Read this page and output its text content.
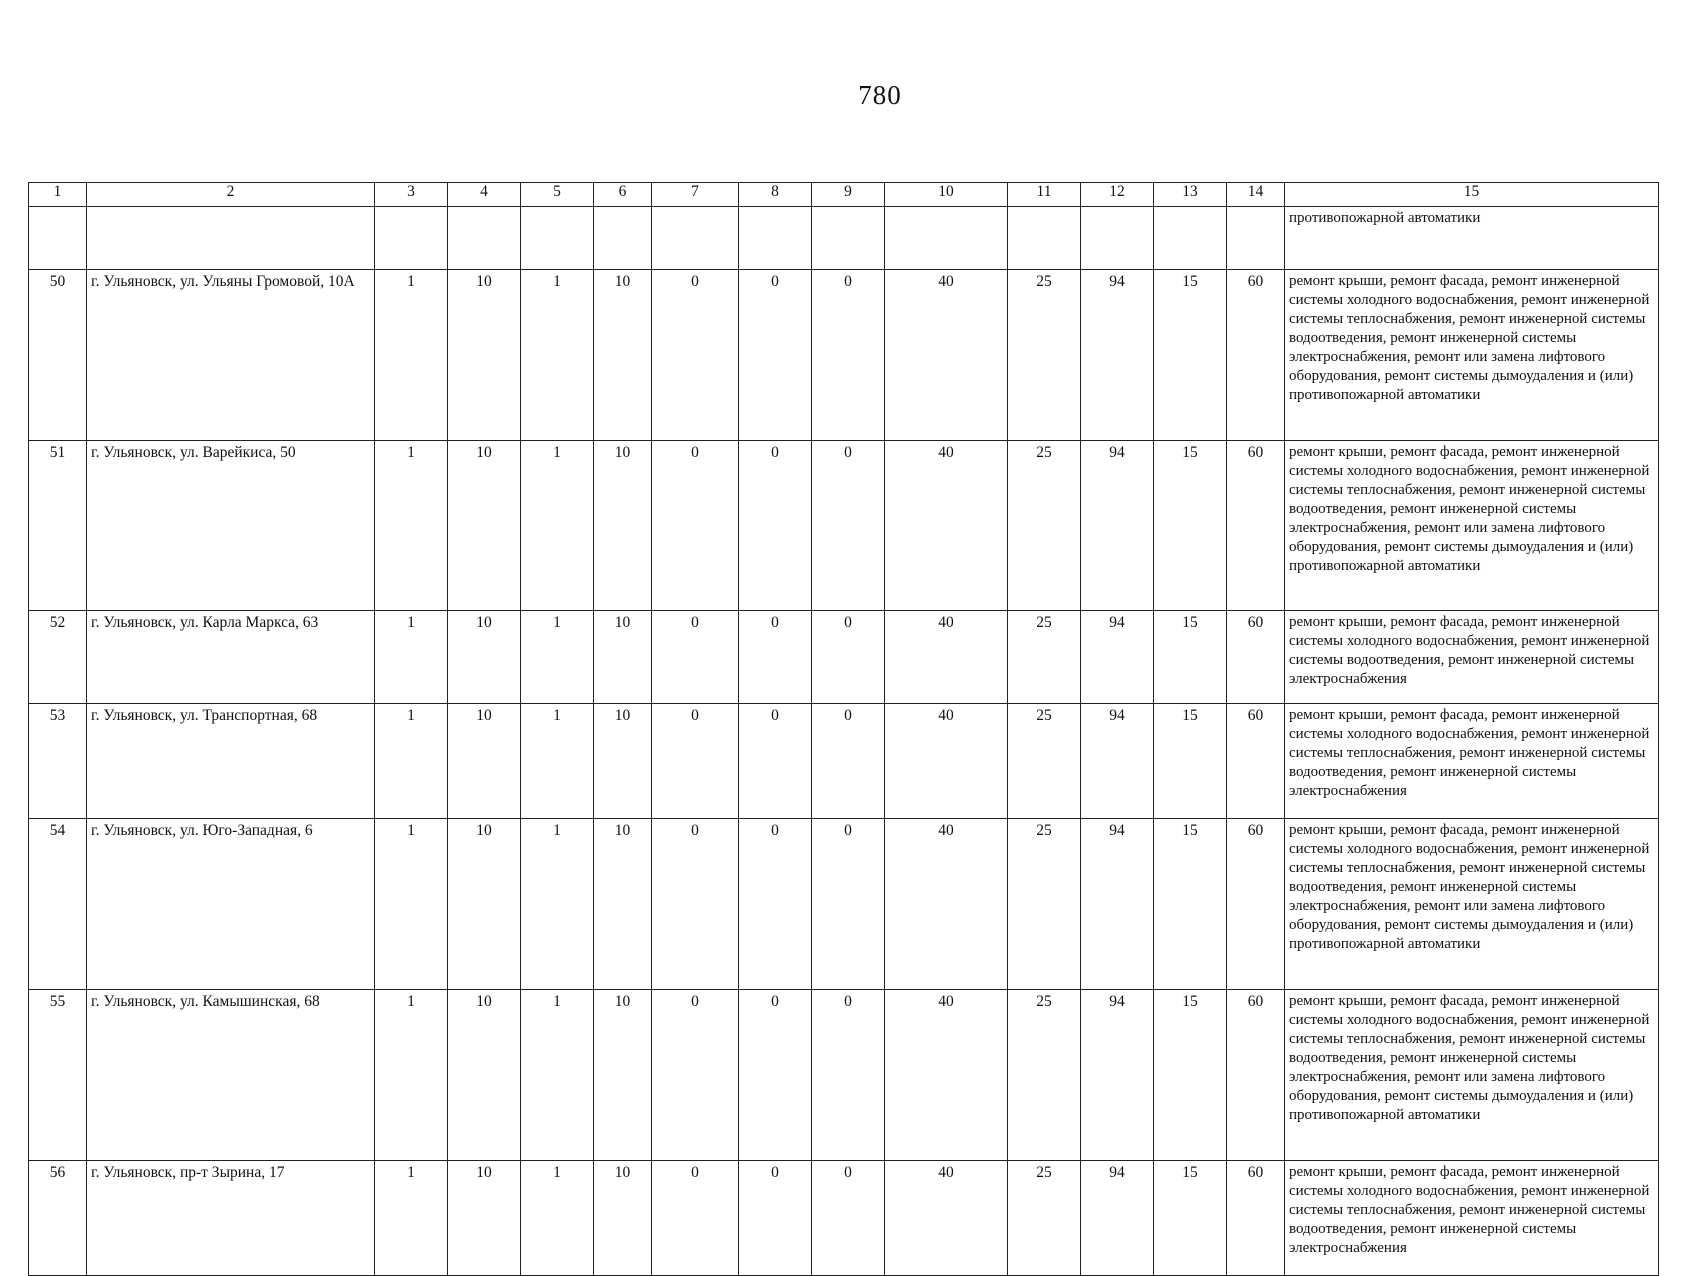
780
1	2	3	4	5	6	7	8	9	10	11	12	13	14	15
														противопожарной автоматики
50	г. Ульяновск, ул. Ульяны Громовой, 10А	1	10	1	10	0	0	0	40	25	94	15	60	ремонт крыши, ремонт фасада, ремонт инженерной системы холодного водоснабжения, ремонт инженерной системы теплоснабжения, ремонт инженерной системы водоотведения, ремонт инженерной системы электроснабжения, ремонт или замена лифтового оборудования, ремонт системы дымоудаления и (или) противопожарной автоматики
51	г. Ульяновск, ул. Варейкиса, 50	1	10	1	10	0	0	0	40	25	94	15	60	ремонт крыши, ремонт фасада, ремонт инженерной системы холодного водоснабжения, ремонт инженерной системы теплоснабжения, ремонт инженерной системы водоотведения, ремонт инженерной системы электроснабжения, ремонт или замена лифтового оборудования, ремонт системы дымоудаления и (или) противопожарной автоматики
52	г. Ульяновск, ул. Карла Маркса, 63	1	10	1	10	0	0	0	40	25	94	15	60	ремонт крыши, ремонт фасада, ремонт инженерной системы холодного водоснабжения, ремонт инженерной системы водоотведения, ремонт инженерной системы электроснабжения
53	г. Ульяновск, ул. Транспортная, 68	1	10	1	10	0	0	0	40	25	94	15	60	ремонт крыши, ремонт фасада, ремонт инженерной системы холодного водоснабжения, ремонт инженерной системы теплоснабжения, ремонт инженерной системы водоотведения, ремонт инженерной системы электроснабжения
54	г. Ульяновск, ул. Юго-Западная, 6	1	10	1	10	0	0	0	40	25	94	15	60	ремонт крыши, ремонт фасада, ремонт инженерной системы холодного водоснабжения, ремонт инженерной системы теплоснабжения, ремонт инженерной системы водоотведения, ремонт инженерной системы электроснабжения, ремонт или замена лифтового оборудования, ремонт системы дымоудаления и (или) противопожарной автоматики
55	г. Ульяновск, ул. Камышинская, 68	1	10	1	10	0	0	0	40	25	94	15	60	ремонт крыши, ремонт фасада, ремонт инженерной системы холодного водоснабжения, ремонт инженерной системы теплоснабжения, ремонт инженерной системы водоотведения, ремонт инженерной системы электроснабжения, ремонт или замена лифтового оборудования, ремонт системы дымоудаления и (или) противопожарной автоматики
56	г. Ульяновск, пр-т Зырина, 17	1	10	1	10	0	0	0	40	25	94	15	60	ремонт крыши, ремонт фасада, ремонт инженерной системы холодного водоснабжения, ремонт инженерной системы теплоснабжения, ремонт инженерной системы водоотведения, ремонт инженерной системы электроснабжения
